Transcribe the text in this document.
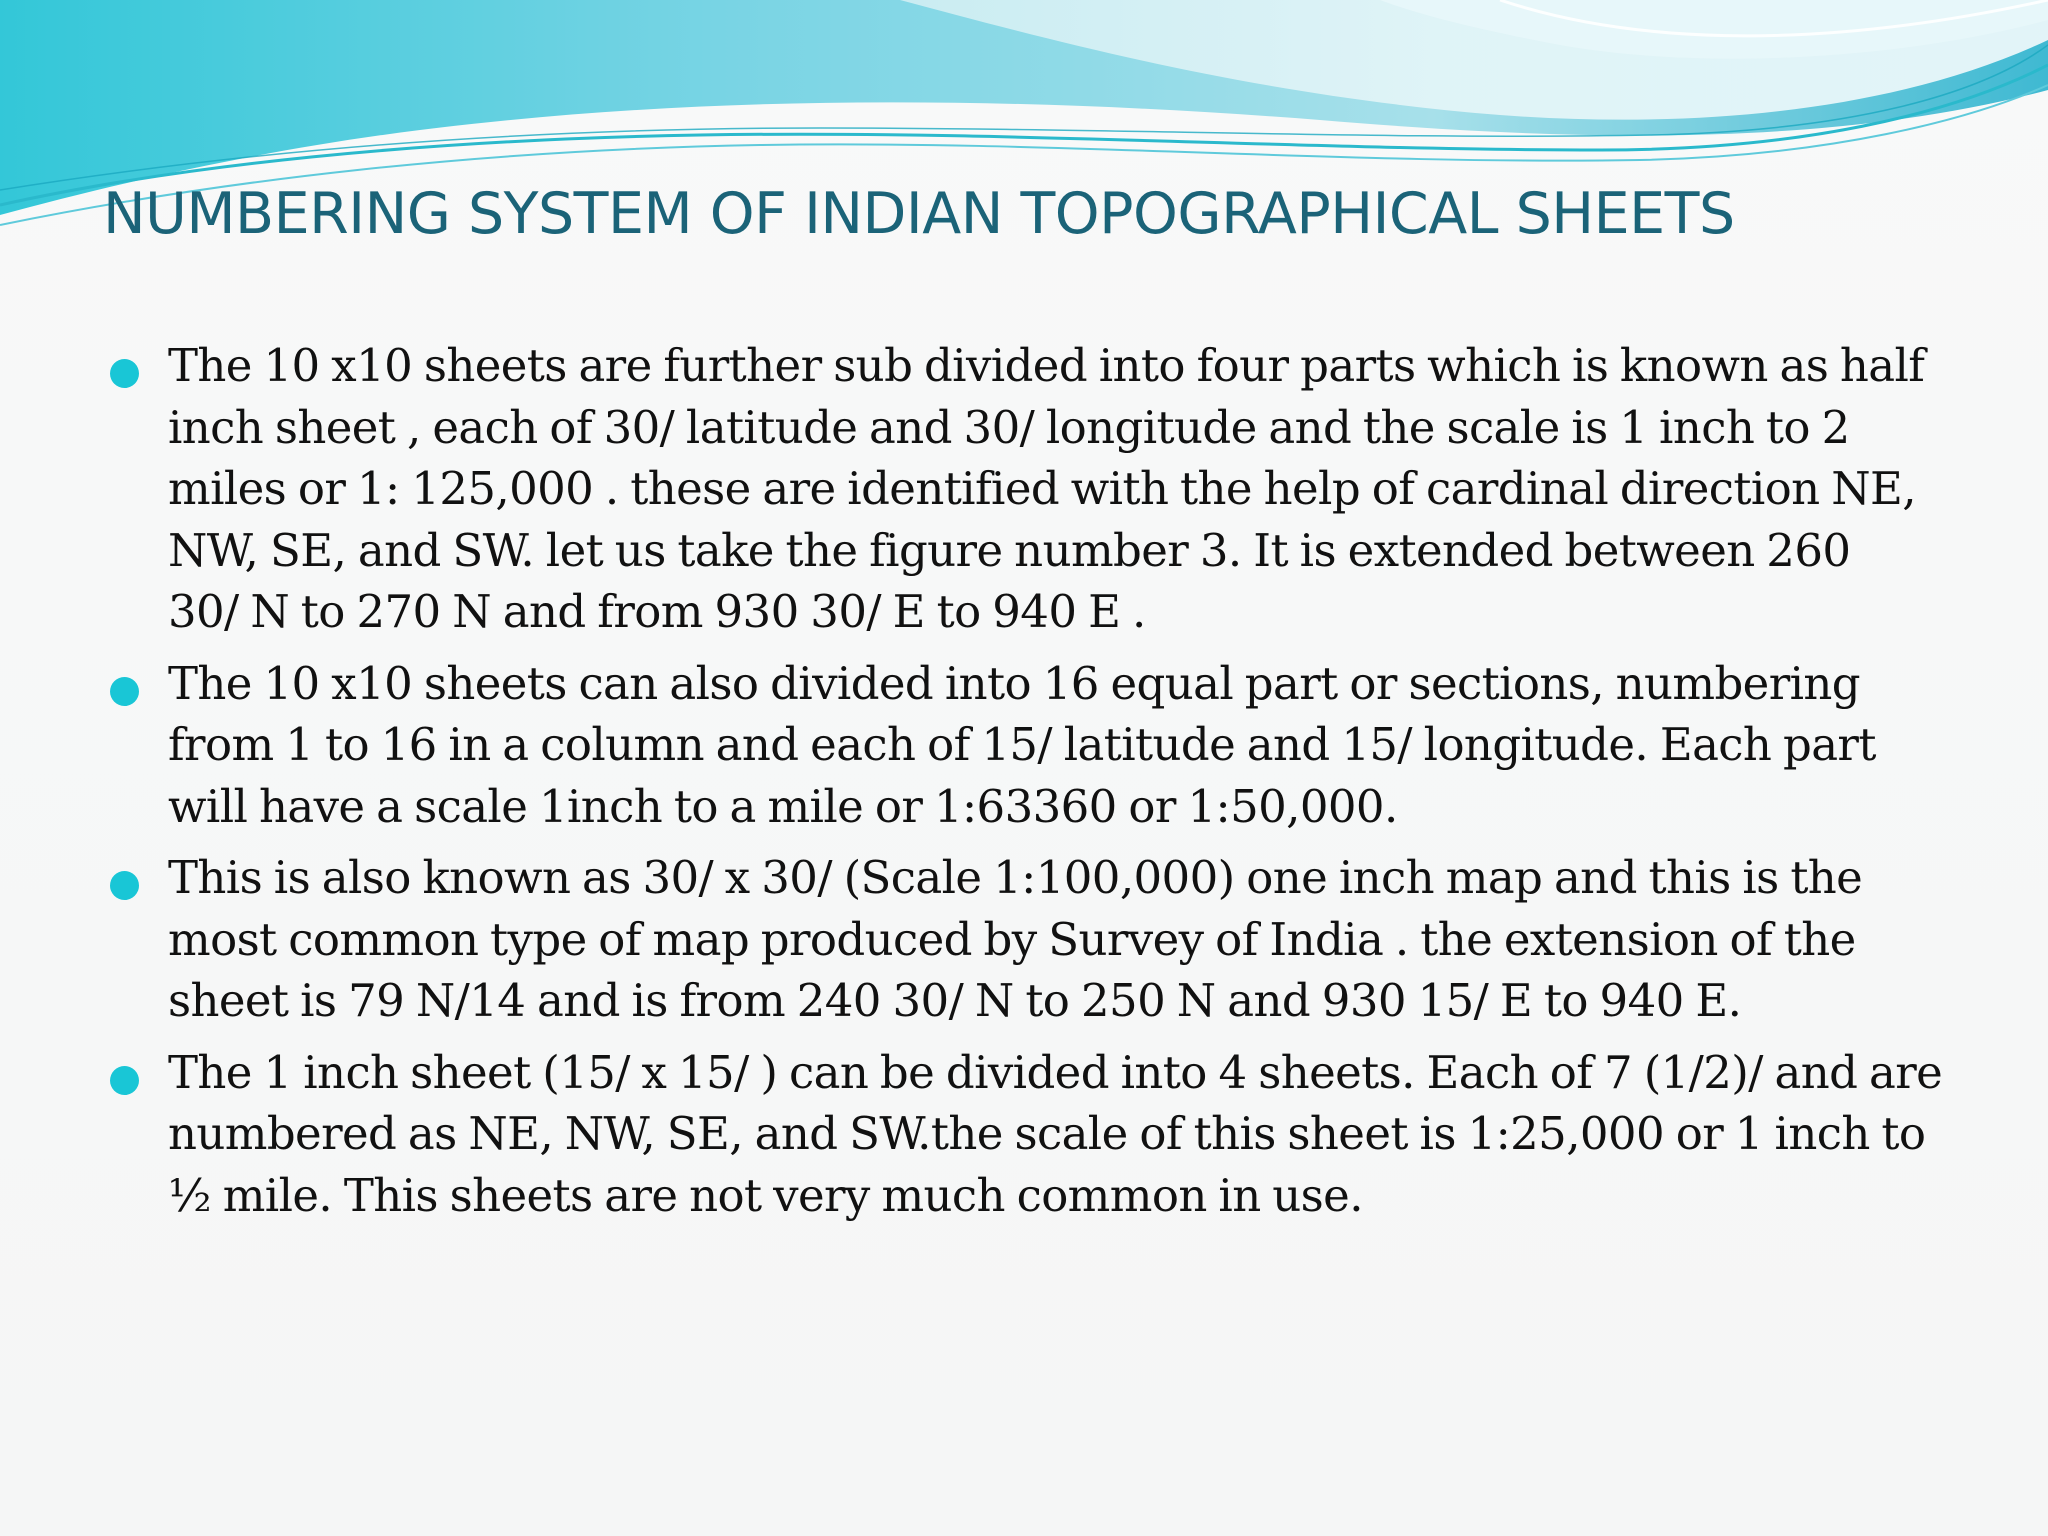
NUMBERING SYSTEM OF INDIAN TOPOGRAPHICAL SHEETS
The 10 x10 sheets are further sub divided into four parts which is known as half
inch sheet , each of 30/ latitude and 30/ longitude and the scale is 1 inch to 2
miles or 1: 125,000 . these are identified with the help of cardinal direction NE,
NW, SE, and SW. let us take the figure number 3. It is extended between 260
30/ N to 270 N and from 930 30/ E to 940 E .
The 10 x10 sheets can also divided into 16 equal part or sections, numbering
from 1 to 16 in a column and each of 15/ latitude and 15/ longitude. Each part
will have a scale 1inch to a mile or 1:63360 or 1:50,000.
This is also known as 30/ x 30/ (Scale 1:100,000) one inch map and this is the
most common type of map produced by Survey of India . the extension of the
sheet is 79 N/14 and is from 240 30/ N to 250 N and 930 15/ E to 940 E.
The 1 inch sheet (15/ x 15/ ) can be divided into 4 sheets. Each of 7 (1/2)/ and are
numbered as NE, NW, SE, and SW.the scale of this sheet is 1:25,000 or 1 inch to
½ mile. This sheets are not very much common in use.
